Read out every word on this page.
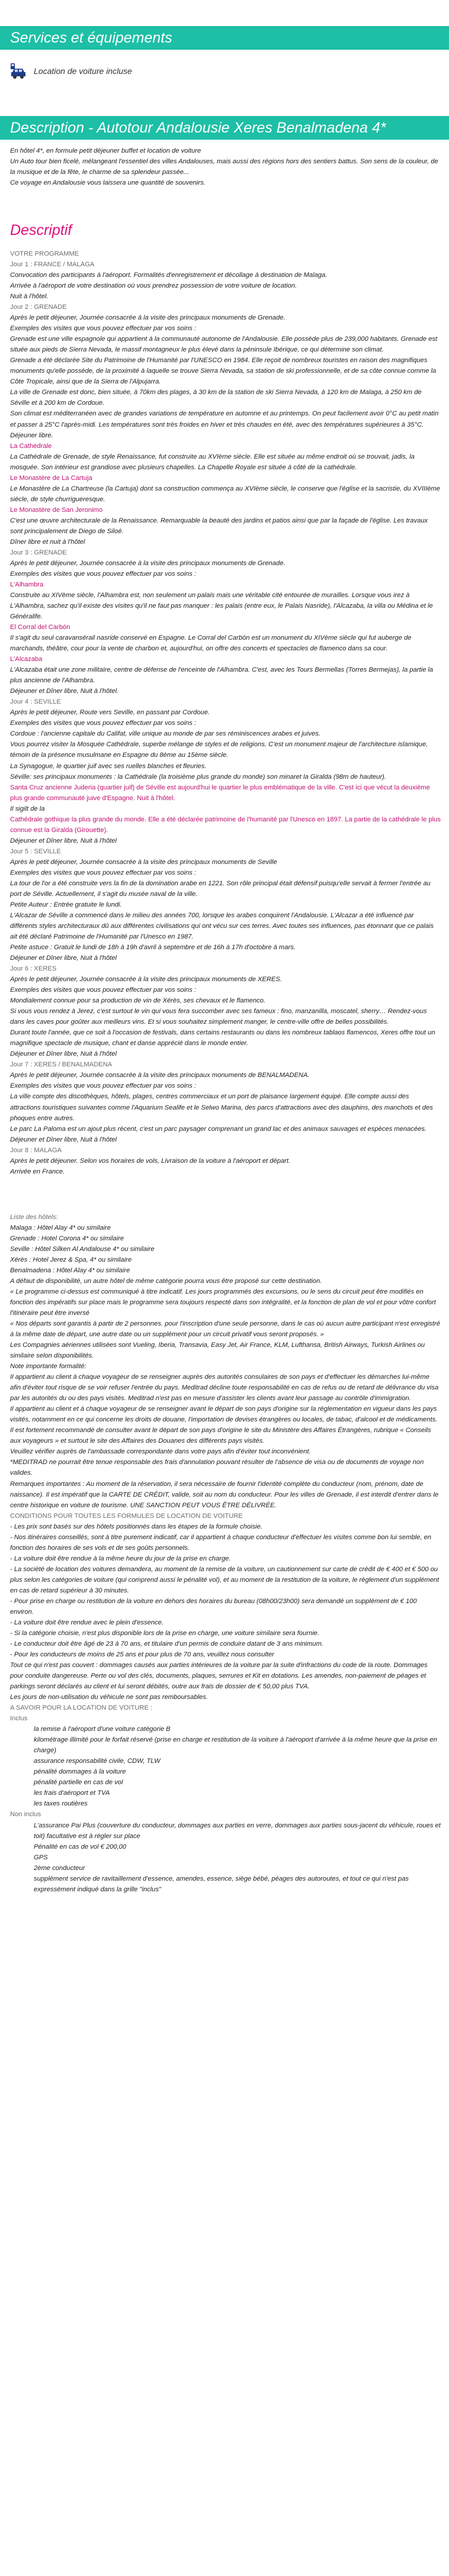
Services et équipements
Location de voiture incluse
Description - Autotour Andalousie Xeres Benalmadena 4*

En hôtel 4*, en formule petit déjeuner buffet et location de voiture

Un Auto tour bien ficelé, mélangeant l'essentiel des villes Andalouses, mais aussi des régions hors des sentiers battus. Son sens de la couleur, de la musique et de la fête, le charme de sa splendeur passée...

Ce voyage en Andalousie vous laissera une quantité de souvenirs.

Descriptif

VOTRE PROGRAMME

Jour 1 : FRANCE / MALAGA

Convocation des participants à l'aéroport. Formalités d'enregistrement et décollage à destination de Malaga.

Arrivée à l'aéroport de votre destination où vous prendrez possession de votre voiture de location.

Nuit à l'hôtel.

Jour 2 : GRENADE

Après le petit déjeuner, Journée consacrée à la visite des principaux monuments de Grenade.

Exemples des visites que vous pouvez effectuer par vos soins :

Grenade est une ville espagnole qui appartient à la communauté autonome de l'Andalousie. Elle possède plus de 239,000 habitants. Grenade est située aux pieds de Sierra Nevada, le massif montagneux le plus élevé dans la péninsule Ibérique, ce qui détermine son climat.

Grenade a été déclarée Site du Patrimoine de l'Humanité par l'UNESCO en 1984. Elle reçoit de nombreux touristes en raison des magnifiques monuments qu'elle possède, de la proximité à laquelle se trouve Sierra Nevada, sa station de ski professionnelle, et de sa côte connue comme la Côte Tropicale, ainsi que de la Sierra de l'Alpujarra.

La ville de Grenade est donc, bien située, à 70km des plages, à 30 km de la station de ski Sierra Nevada, à 120 km de Malaga, à 250 km de Séville et à 200 km de Cordoue.

Son climat est méditerranéen avec de grandes variations de température en automne et au printemps. On peut facilement avoir 0°C au petit matin et passer à 25°C l'après-midi. Les températures sont très froides en hiver et très chaudes en été, avec des températures supérieures à 35°C. Déjeuner libre.

La Cathédrale

La Cathédrale de Grenade, de style Renaissance, fut construite au XVIème siècle. Elle est située au même endroit où se trouvait, jadis, la mosquée. Son intérieur est grandiose avec plusieurs chapelles. La Chapelle Royale est située à côté de la cathédrale.

Le Monastère de La Cartuja

Le Monastère de La Chartreuse (la Cartuja) dont sa construction commença au XVIème siècle, le conserve que l'église et la sacristie, du XVIIIème siècle, de style churrigueresque.

Le Monastère de San Jeronimo

C'est une œuvre architecturale de la Renaissance. Remarquable la beauté des jardins et patios ainsi que par la façade de l'église. Les travaux sont principalement de Diego de Siloé.

Dîner libre et nuit à l'hôtel

Jour 3 : GRENADE

Après le petit déjeuner, Journée consacrée à la visite des principaux monuments de Grenade.

Exemples des visites que vous pouvez effectuer par vos soins :

L'Alhambra

Construite au XIVème siècle, l'Alhambra est, non seulement un palais mais une véritable cité entourée de murailles. Lorsque vous irez à L'Alhambra, sachez qu'il existe des visites qu'il ne faut pas manquer : les palais (entre eux, le Palais Nasride), l'Alcazaba, la villa ou Médina et le Généralife.

El Corral del Carbón

Il s'agit du seul caravansérail nasride conservé en Espagne. Le Corral del Carbón est un monument du XIVème siècle qui fut auberge de marchands, théâtre, cour pour la vente de charbon et, aujourd'hui, on offre des concerts et spectacles de flamenco dans sa cour.

L'Alcazaba

L'Alcazaba était une zone militaire, centre de défense de l'enceinte de l'Alhambra. C'est, avec les Tours Bermellas (Torres Bermejas), la partie la plus ancienne de l'Alhambra.

Déjeuner et Dîner libre, Nuit à l'hôtel.

Jour 4 : SEVILLE

Après le petit déjeuner, Route vers Seville, en passant par Cordoue.

Exemples des visites que vous pouvez effectuer par vos soins :

Cordoue : l'ancienne capitale du Califat, ville unique au monde de par ses réminiscences arabes et juives.

Vous pourrez visiter la Mosquée Cathédrale, superbe mélange de styles et de religions. C'est un monument majeur de l'architecture islamique, témoin de la présence musulmane en Espagne du 8ème au 15ème siècle.

La Synagogue, le quartier juif avec ses ruelles blanches et fleuries.

Séville: ses principaux monuments : la Cathédrale (la troisième plus grande du monde) son minaret la Giralda (98m de hauteur).

Santa Cruz ancienne Juderia (quartier juif) de Séville est aujourd'hui le quartier le plus emblématique de la ville. C'est ici que vécut la deuxième plus grande communauté juive d'Espagne. Nuit à l'hôtel.

Il sigilt de la

Cathédrale gothique la plus grande du monde. Elle a été déclarée patrimoine de l'humanité par l'Unesco en 1897. La partie de la cathédrale le plus connue est la Giralda (Girouette).

Déjeuner et Dîner libre, Nuit à l'hôtel

Jour 5 : SEVILLE

Après le petit déjeuner, Journée consacrée à la visite des principaux monuments de Seville

Exemples des visites que vous pouvez effectuer par vos soins :

La tour de l'or a été construite vers la fin de la domination arabe en 1221. Son rôle principal était défensif puisqu'elle servait à fermer l'entrée au port de Séville. Actuellement, il s'agit du musée naval de la ville.

Petite Auteur : Entrée gratuite le lundi.

L'Alcazar de Séville a commencé dans le milieu des années 700, lorsque les arabes conquirent l'Andalousie. L'Alcazar a été influencé par différents styles architecturaux dû aux différentes civilisations qui ont vécu sur ces terres. Avec toutes ses influences, pas étonnant que ce palais ait été déclaré Patrimoine de l'Humanité par l'Unesco en 1987.

Petite astuce : Gratuit le lundi de 18h à 19h d'avril à septembre et de 16h à 17h d'octobre à mars.

Déjeuner et Dîner libre, Nuit à l'hôtel

Jour 6 : XERES

Après le petit déjeuner, Journée consacrée à la visite des principaux monuments de XERES.

Exemples des visites que vous pouvez effectuer par vos soins :

Mondialement connue pour sa production de vin de Xérès, ses chevaux et le flamenco.

Si vous vous rendez à Jerez, c'est surtout le vin qui vous fera succomber avec ses fameux : fino, manzanilla, moscatel, sherry… Rendez-vous dans les caves pour goûter aux meilleurs vins. Et si vous souhaitez simplement manger, le centre-ville offre de belles possibilités.

Durant toute l'année, que ce soit à l'occasion de festivals, dans certains restaurants ou dans les nombreux tablaos flamencos, Xeres offre tout un magnifique spectacle de musique, chant et danse apprécié dans le monde entier.

Déjeuner et Dîner libre, Nuit à l'hôtel

Jour 7 : XERES / BENALMADENA

Après le petit déjeuner, Journée consacrée à la visite des principaux monuments de BENALMADENA.

Exemples des visites que vous pouvez effectuer par vos soins :

La ville compte des discothèques, hôtels, plages, centres commerciaux et un port de plaisance largement équipé. Elle compte aussi des attractions touristiques suivantes comme l'Aquarium Sealife et le Selwo Marina, des parcs d'attractions avec des dauphins, des manchots et des phoques entre autres.

Le parc La Paloma est un ajout plus récent, c'est un parc paysager comprenant un grand lac et des animaux sauvages et espèces menacées.

Déjeuner et Dîner libre, Nuit à l'hôtel

Jour 8 : MALAGA

Après le petit déjeuner. Selon vos horaires de vols, Livraison de la voiture à l'aéroport et départ.

Arrivée en France.

Liste des hôtels:

Malaga : Hôtel Alay 4* ou similaire

Grenade : Hotel Corona 4* ou similaire

Seville : Hôtel Silken Al Andalouse 4* ou similaire

Xérès : Hotel Jerez & Spa, 4* ou similaire

Benalmadena : Hôtel Alay 4* ou similaire

A défaut de disponibilité, un autre hôtel de même catégorie pourra vous être proposé sur cette destination.

« Le programme ci-dessus est communiqué à titre indicatif. Les jours programmés des excursions, ou le sens du circuit peut être modifiés en fonction des impératifs sur place mais le programme sera toujours respecté dans son intégralité, et la fonction de plan de vol et pour vôtre confort l'itinéraire peut être inversé

« Nos départs sont garantis à partir de 2 personnes. pour l'inscription d'une seule personne, dans le cas où aucun autre participant n'est enregistré à la même date de départ, une autre date ou un supplément pour un circuit privatif vous seront proposés. »

Les Compagnies aériennes utilisées sont Vueling, Iberia, Transavia, Easy Jet, Air France, KLM, Lufthansa, British Airways, Turkish Airlines ou similaire selon disponibilités.

Note importante formalité:

Il appartient au client à chaque voyageur de se renseigner auprès des autorités consulaires de son pays et d'effectuer les démarches lui-même afin d'éviter tout risque de se voir refuser l'entrée du pays. Meditrad décline toute responsabilité en cas de refus ou de retard de délivrance du visa par les autorités du ou des pays visités. Meditrad n'est pas en mesure d'assister les clients avant leur passage au contrôle d'immigration.

Il appartient au client et à chaque voyageur de se renseigner avant le départ de son pays d'origine sur la réglementation en vigueur dans les pays visités, notamment en ce qui concerne les droits de douane, l'importation de devises étrangères ou locales, de tabac, d'alcool et de médicaments. Il est fortement recommandé de consulter avant le départ de son pays d'origine le site du Ministère des Affaires Étrangères, rubrique « Conseils aux voyageurs » et surtout le site des Affaires des Douanes des différents pays visités.

Veuillez vérifier auprès de l'ambassade correspondante dans votre pays afin d'éviter tout inconvénient.

*MEDITRAD ne pourrait être tenue responsable des frais d'annulation pouvant résulter de l'absence de visa ou de documents de voyage non valides.

Remarques importantes : Au moment de la réservation, il sera nécessaire de fournir l'identité complète du conducteur (nom, prénom, date de naissance). Il est impératif que la CARTE DE CRÉDIT, valide, soit au nom du conducteur. Pour les villes de Grenade, il est interdit d'entrer dans le centre historique en voiture de tourisme. UNE SANCTION PEUT VOUS ÊTRE DÉLIVRÉE.

CONDITIONS POUR TOUTES LES FORMULES DE LOCATION DE VOITURE

- Les prix sont basés sur des hôtels positionnés dans les étapes de la formule choisie.

- Nos itinéraires conseillés, sont à titre purement indicatif, car il appartient à chaque conducteur d'effectuer les visites comme bon lui semble, en fonction des horaires de ses vols et de ses goûts personnels.

- La voiture doit être rendue à la même heure du jour de la prise en charge.

- La société de location des voitures demandera, au moment de la remise de la voiture, un cautionnement sur carte de crédit de € 400 et € 500 ou plus selon les catégories de voiture (qui comprend aussi le pénalité vol), et au moment de la restitution de la voiture, le règlement d'un supplément en cas de retard supérieur à 30 minutes.

- Pour prise en charge ou restitution de la voiture en dehors des horaires du bureau (08h00/23h00) sera demandé un supplément de € 100 environ.

- La voiture doit être rendue avec le plein d'essence.

- Si la catégorie choisie, n'est plus disponible lors de la prise en charge, une voiture similaire sera fournie.

- Le conducteur doit être âgé de 23 à 70 ans, et titulaire d'un permis de conduire datant de 3 ans minimum.

- Pour les conducteurs de moins de 25 ans et pour plus de 70 ans, veuillez nous consulter

Tout ce qui n'est pas couvert : dommages causés aux parties intérieures de la voiture par la suite d'infractions du code de la route. Dommages pour conduite dangereuse. Perte ou vol des clés, documents, plaques, serrures et Kit en dotations. Les amendes, non-paiement de péages et parkings seront déclarés au client et lui seront débités, outre aux frais de dossier de € 50,00 plus TVA.

Les jours de non-utilisation du véhicule ne sont pas remboursables.

A SAVOIR POUR LA LOCATION DE VOITURE :

Inclus

la remise à l'aéroport d'une voiture catégorie B

kilométrage illimité pour le forfait réservé (prise en charge et restitution de la voiture à l'aéroport d'arrivée à la même heure que la prise en charge)

assurance responsabilité civile, CDW, TLW

pénalité dommages à la voiture

pénalité partielle en cas de vol

les frais d'aéroport et TVA

les taxes routières

Non inclus

L'assurance Pai Plus (couverture du conducteur, dommages aux parties en verre, dommages aux parties sous-jacent du véhicule, roues et toit) facultative est à régler sur place

Pénalité en cas de vol € 200,00

GPS

2ème conducteur

supplément service de ravitaillement d'essence, amendes, essence, siège bébé, péages des autoroutes, et tout ce qui n'est pas expressément indiqué dans la grille "inclus"
